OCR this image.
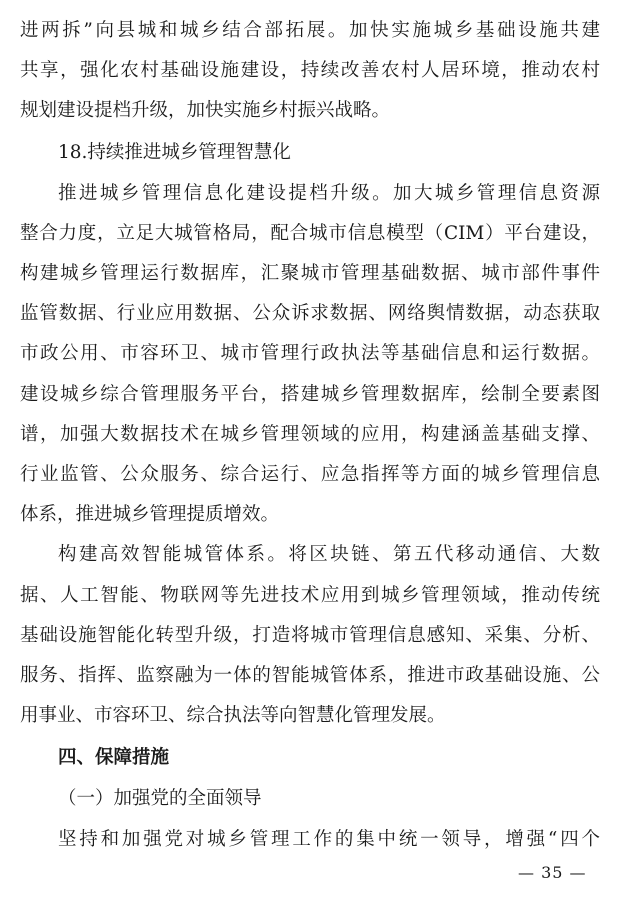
进两拆”向县城和城乡结合部拓展。加快实施城乡基础设施共建
共享，强化农村基础设施建设，持续改善农村人居环境，推动农村
规划建设提档升级，加快实施乡村振兴战略。
18.持续推进城乡管理智慧化
推进城乡管理信息化建设提档升级。加大城乡管理信息资源
整合力度，立足大城管格局，配合城市信息模型（CIM）平台建设，
构建城乡管理运行数据库，汇聚城市管理基础数据、城市部件事件
监管数据、行业应用数据、公众诉求数据、网络舆情数据，动态获取
市政公用、市容环卫、城市管理行政执法等基础信息和运行数据。
建设城乡综合管理服务平台，搭建城乡管理数据库，绘制全要素图
谱，加强大数据技术在城乡管理领域的应用，构建涵盖基础支撑、
行业监管、公众服务、综合运行、应急指挥等方面的城乡管理信息
体系，推进城乡管理提质增效。
构建高效智能城管体系。将区块链、第五代移动通信、大数
据、人工智能、物联网等先进技术应用到城乡管理领域，推动传统
基础设施智能化转型升级，打造将城市管理信息感知、采集、分析、
服务、指挥、监察融为一体的智能城管体系，推进市政基础设施、公
用事业、市容环卫、综合执法等向智慧化管理发展。
四、保障措施
（一）加强党的全面领导
坚持和加强党对城乡管理工作的集中统一领导，增强“四个
— 35 —
